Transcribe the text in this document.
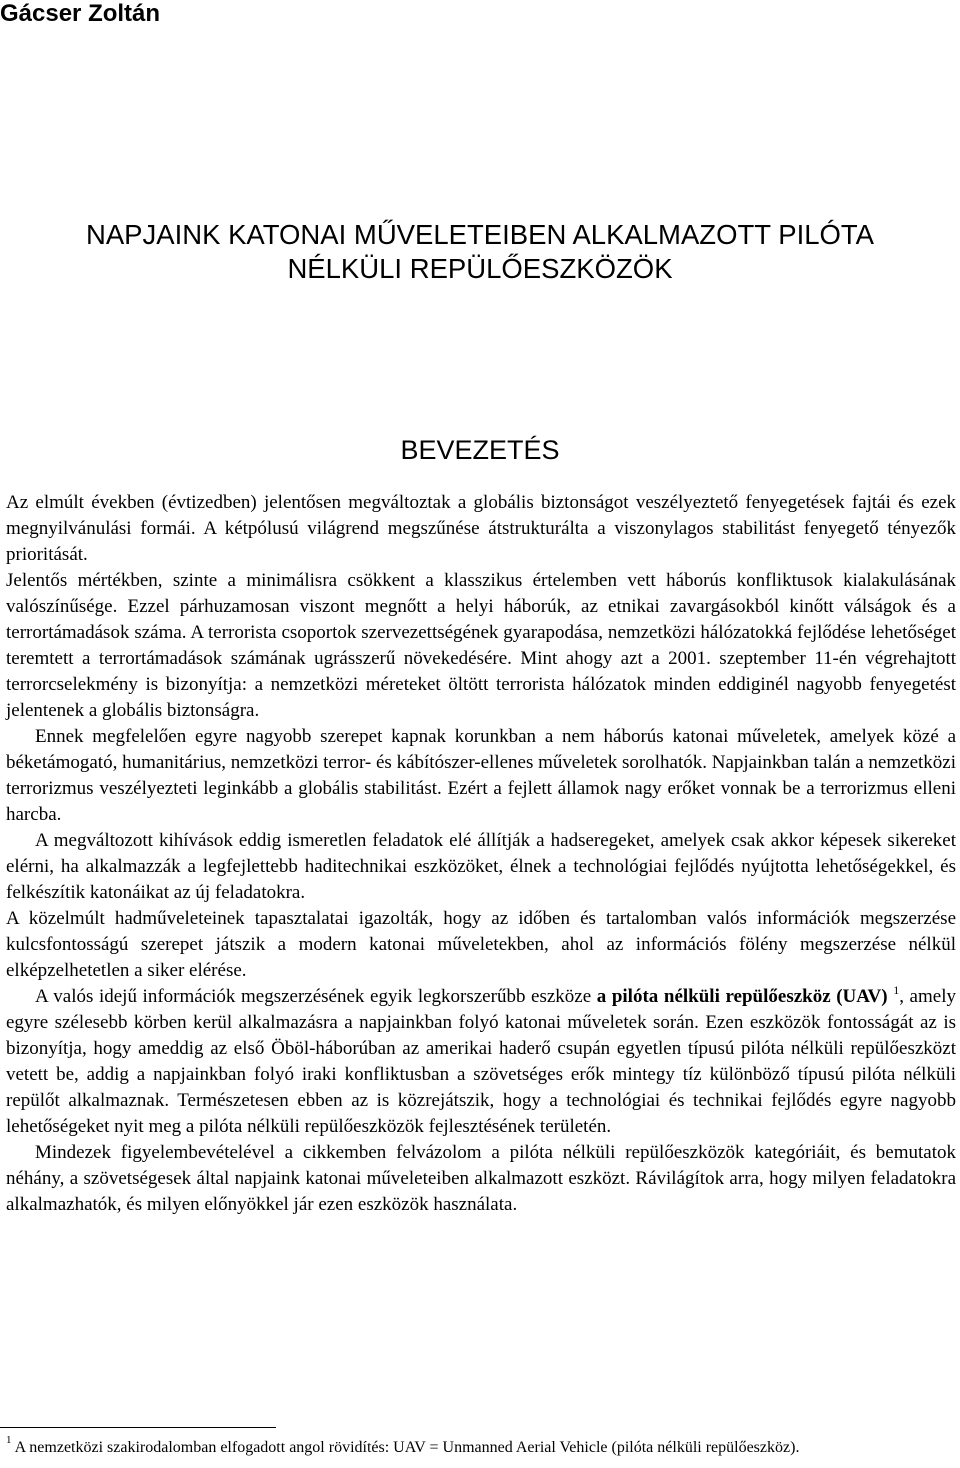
Gácser Zoltán
NAPJAINK KATONAI MŰVELETEIBEN ALKALMAZOTT PILÓTA
NÉLKÜLI REPÜLŐESZKÖZÖK
BEVEZETÉS

Az elmúlt években (évtizedben) jelentősen megváltoztak a globális biztonságot veszélyeztető fenyegetések fajtái és ezek megnyilvánulási formái. A kétpólusú világrend megszűnése átstrukturálta a viszonylagos stabilitást fenyegető tényezők prioritását.

Jelentős mértékben, szinte a minimálisra csökkent a klasszikus értelemben vett háborús konfliktusok kialakulásának valószínűsége. Ezzel párhuzamosan viszont megnőtt a helyi háborúk, az etnikai zavargásokból kinőtt válságok és a terrortámadások száma. A terrorista csoportok szervezettségének gyarapodása, nemzetközi hálózatokká fejlődése lehetőséget teremtett a terrortámadások számának ugrásszerű növekedésére. Mint ahogy azt a 2001. szeptember 11-én végrehajtott terrorcselekmény is bizonyítja: a nemzetközi méreteket öltött terrorista hálózatok minden eddiginél nagyobb fenyegetést jelentenek a globális biztonságra.

Ennek megfelelően egyre nagyobb szerepet kapnak korunkban a nem háborús katonai műveletek, amelyek közé a béketámogató, humanitárius, nemzetközi terror- és kábítószer-ellenes műveletek sorolhatók. Napjainkban talán a nemzetközi terrorizmus veszélyezteti leginkább a globális stabilitást. Ezért a fejlett államok nagy erőket vonnak be a terrorizmus elleni harcba.

A megváltozott kihívások eddig ismeretlen feladatok elé állítják a hadseregeket, amelyek csak akkor képesek sikereket elérni, ha alkalmazzák a legfejlettebb haditechnikai eszközöket, élnek a technológiai fejlődés nyújtotta lehetőségekkel, és felkészítik katonáikat az új feladatokra.

A közelmúlt hadműveleteinek tapasztalatai igazolták, hogy az időben és tartalomban valós információk megszerzése kulcsfontosságú szerepet játszik a modern katonai műveletekben, ahol az információs fölény megszerzése nélkül elképzelhetetlen a siker elérése.

A valós idejű információk megszerzésének egyik legkorszerűbb eszköze a pilóta nélküli repülőeszköz (UAV) $^1$, amely egyre szélesebb körben kerül alkalmazásra a napjainkban folyó katonai műveletek során. Ezen eszközök fontosságát az is bizonyítja, hogy ameddig az első Öböl-háborúban az amerikai haderő csupán egyetlen típusú pilóta nélküli repülőeszközt vetett be, addig a napjainkban folyó iraki konfliktusban a szövetséges erők mintegy tíz különböző típusú pilóta nélküli repülőt alkalmaznak. Természetesen ebben az is közrejátszik, hogy a technológiai és technikai fejlődés egyre nagyobb lehetőségeket nyit meg a pilóta nélküli repülőeszközök fejlesztésének területén.

Mindezek figyelembevételével a cikkemben felvázolom a pilóta nélküli repülőeszközök kategóriáit, és bemutatok néhány, a szövetségesek által napjaink katonai műveleteiben alkalmazott eszközt. Rávilágítok arra, hogy milyen feladatokra alkalmazhatók, és milyen előnyökkel jár ezen eszközök használata.

$^1$ A nemzetközi szakirodalomban elfogadott angol rövidítés: UAV = Unmanned Aerial Vehicle (pilóta nélküli repülőeszköz).
